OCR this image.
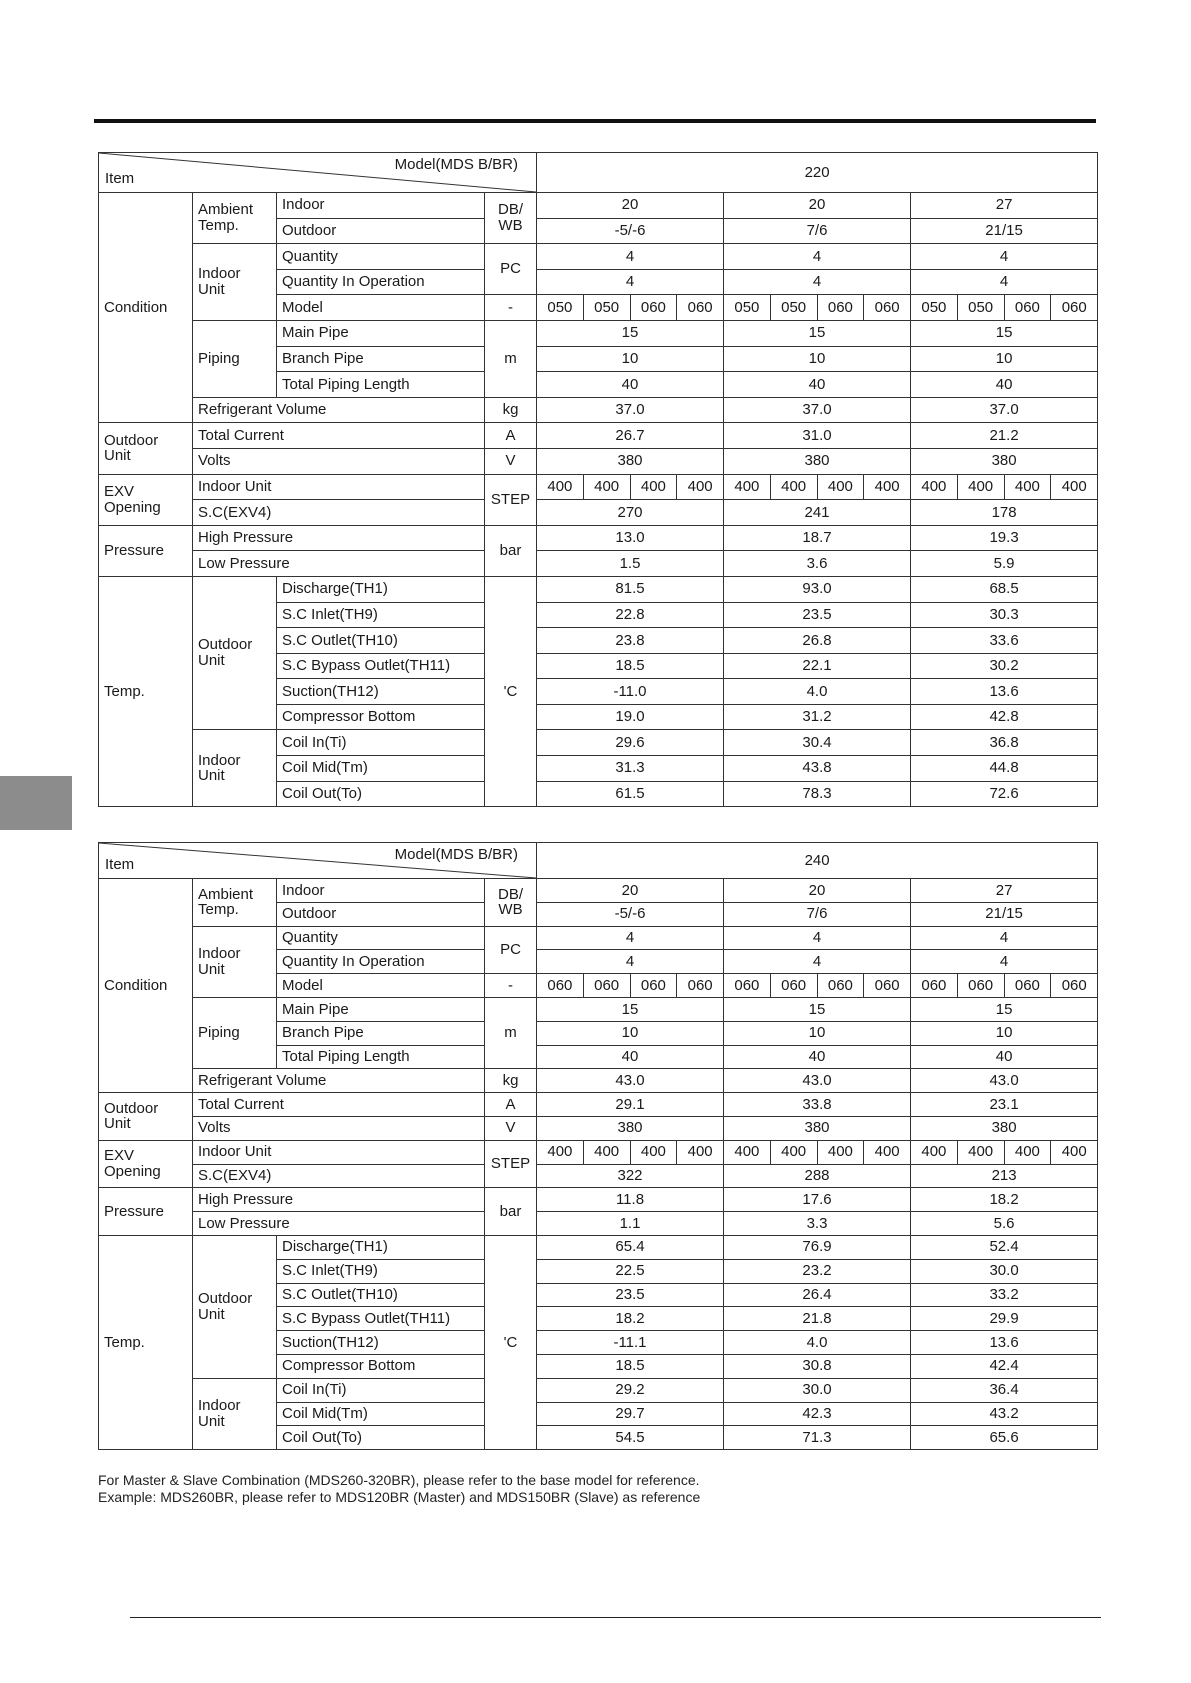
Model(MDS B/BR)
Item				220											
Condition	Ambient
Temp.	Indoor	DB/
WB	20				20				27			
		Outdoor		-5/-6				7/6				21/15			
	Indoor
Unit	Quantity	PC	4				4				4			
		Quantity In Operation		4				4				4			
		Model	-	050	050	060	060	050	050	060	060	050	050	060	060
	Piping	Main Pipe	m	15				15				15			
		Branch Pipe		10				10				10			
		Total Piping Length		40				40				40			
	Refrigerant Volume		kg	37.0				37.0				37.0			
Outdoor
Unit	Total Current		A	26.7				31.0				21.2			
	Volts		V	380				380				380			
EXV
Opening	Indoor Unit		STEP	400	400	400	400	400	400	400	400	400	400	400	400
	S.C(EXV4)			270				241				178			
Pressure	High Pressure		bar	13.0				18.7				19.3			
	Low Pressure			1.5				3.6				5.9			
Temp.	Outdoor
Unit	Discharge(TH1)	'C	81.5				93.0				68.5			
		S.C Inlet(TH9)		22.8				23.5				30.3			
		S.C Outlet(TH10)		23.8				26.8				33.6			
		S.C Bypass Outlet(TH11)		18.5				22.1				30.2			
		Suction(TH12)		-11.0				4.0				13.6			
		Compressor Bottom		19.0				31.2				42.8			
	Indoor
Unit	Coil In(Ti)		29.6				30.4				36.8			
		Coil Mid(Tm)		31.3				43.8				44.8			
		Coil Out(To)		61.5				78.3				72.6			
Model(MDS B/BR)
Item				240											
Condition	Ambient
Temp.	Indoor	DB/
WB	20				20				27			
		Outdoor		-5/-6				7/6				21/15			
	Indoor
Unit	Quantity	PC	4				4				4			
		Quantity In Operation		4				4				4			
		Model	-	060	060	060	060	060	060	060	060	060	060	060	060
	Piping	Main Pipe	m	15				15				15			
		Branch Pipe		10				10				10			
		Total Piping Length		40				40				40			
	Refrigerant Volume		kg	43.0				43.0				43.0			
Outdoor
Unit	Total Current		A	29.1				33.8				23.1			
	Volts		V	380				380				380			
EXV
Opening	Indoor Unit		STEP	400	400	400	400	400	400	400	400	400	400	400	400
	S.C(EXV4)			322				288				213			
Pressure	High Pressure		bar	11.8				17.6				18.2			
	Low Pressure			1.1				3.3				5.6			
Temp.	Outdoor
Unit	Discharge(TH1)	'C	65.4				76.9				52.4			
		S.C Inlet(TH9)		22.5				23.2				30.0			
		S.C Outlet(TH10)		23.5				26.4				33.2			
		S.C Bypass Outlet(TH11)		18.2				21.8				29.9			
		Suction(TH12)		-11.1				4.0				13.6			
		Compressor Bottom		18.5				30.8				42.4			
	Indoor
Unit	Coil In(Ti)		29.2				30.0				36.4			
		Coil Mid(Tm)		29.7				42.3				43.2			
		Coil Out(To)		54.5				71.3				65.6			
For Master & Slave Combination (MDS260-320BR), please refer to the base model for reference.
Example: MDS260BR, please refer to MDS120BR (Master) and MDS150BR (Slave) as reference
